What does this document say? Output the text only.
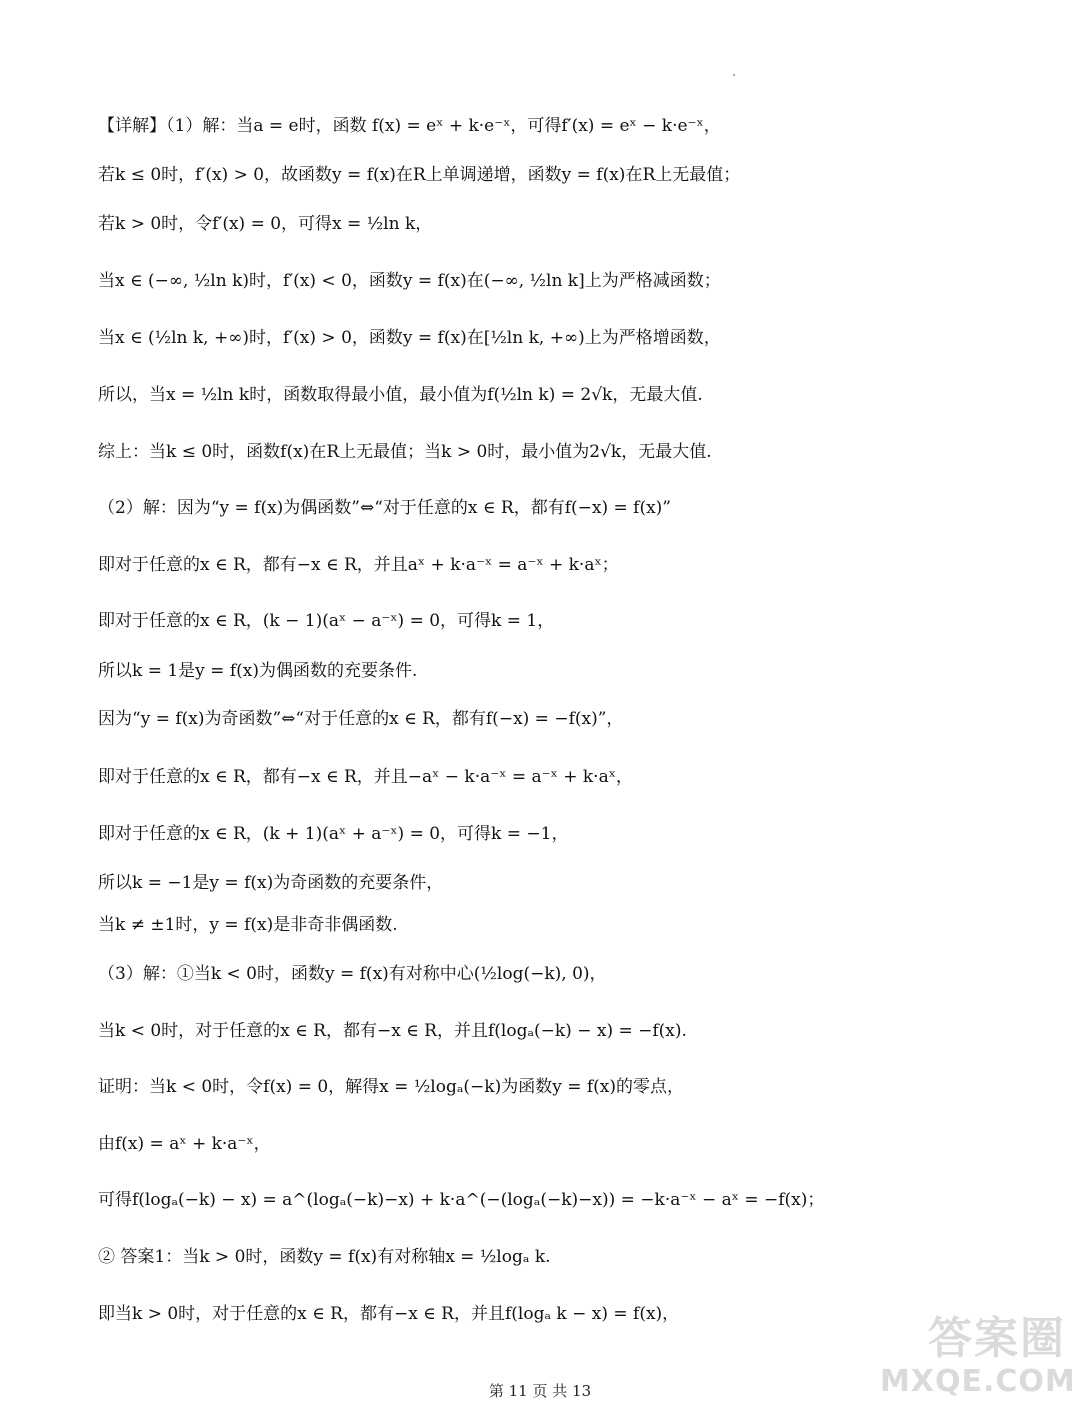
【详解】（1）解：当a = e时，函数 f(x) = eˣ + k·e⁻ˣ，可得f′(x) = eˣ − k·e⁻ˣ，
若k ≤ 0时，f′(x) > 0，故函数y = f(x)在R上单调递增，函数y = f(x)在R上无最值；
若k > 0时，令f′(x) = 0，可得x = ½ln k，
当x ∈ (−∞, ½ln k)时，f′(x) < 0，函数y = f(x)在(−∞, ½ln k]上为严格减函数；
当x ∈ (½ln k, +∞)时，f′(x) > 0，函数y = f(x)在[½ln k, +∞)上为严格增函数，
所以，当x = ½ln k时，函数取得最小值，最小值为f(½ln k) = 2√k，无最大值.
综上：当k ≤ 0时，函数f(x)在R上无最值；当k > 0时，最小值为2√k，无最大值.
（2）解：因为“y = f(x)为偶函数”⇔“对于任意的x ∈ R，都有f(−x) = f(x)”
即对于任意的x ∈ R，都有−x ∈ R，并且aˣ + k·a⁻ˣ = a⁻ˣ + k·aˣ；
即对于任意的x ∈ R，(k − 1)(aˣ − a⁻ˣ) = 0，可得k = 1，
所以k = 1是y = f(x)为偶函数的充要条件.
因为“y = f(x)为奇函数”⇔“对于任意的x ∈ R，都有f(−x) = −f(x)”，
即对于任意的x ∈ R，都有−x ∈ R，并且−aˣ − k·a⁻ˣ = a⁻ˣ + k·aˣ，
即对于任意的x ∈ R，(k + 1)(aˣ + a⁻ˣ) = 0，可得k = −1，
所以k = −1是y = f(x)为奇函数的充要条件，
当k ≠ ±1时，y = f(x)是非奇非偶函数.
（3）解：①当k < 0时，函数y = f(x)有对称中心(½log(−k), 0)，
当k < 0时，对于任意的x ∈ R，都有−x ∈ R，并且f(logₐ(−k) − x) = −f(x).
证明：当k < 0时，令f(x) = 0，解得x = ½logₐ(−k)为函数y = f(x)的零点，
由f(x) = aˣ + k·a⁻ˣ，
可得f(logₐ(−k) − x) = a^(logₐ(−k)−x) + k·a^(−(logₐ(−k)−x)) = −k·a⁻ˣ − aˣ = −f(x)；
② 答案1：当k > 0时，函数y = f(x)有对称轴x = ½logₐ k.
即当k > 0时，对于任意的x ∈ R，都有−x ∈ R，并且f(logₐ k − x) = f(x)，
第 11 页 共 13
答案圈
MXQE.COM
